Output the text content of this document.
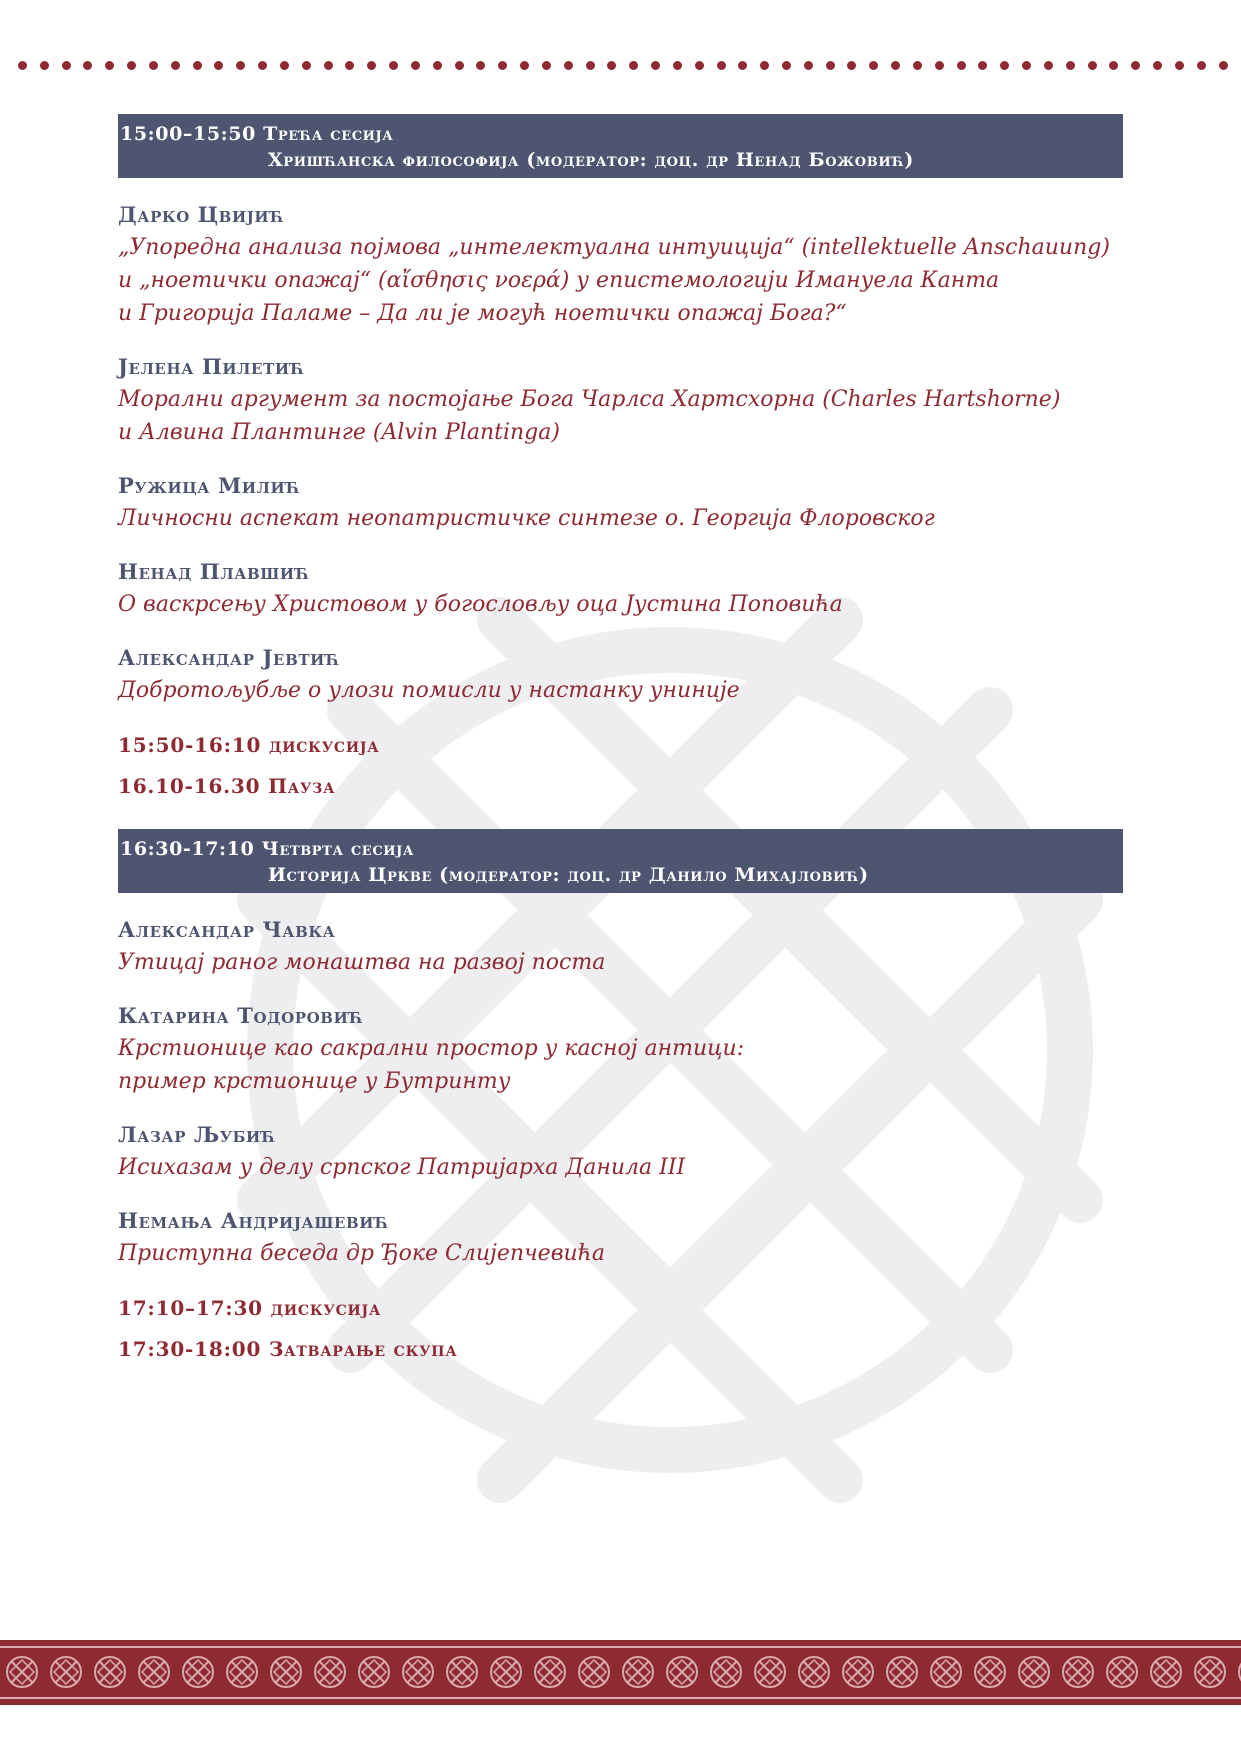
15:00–15:50 Трећа сесија
Хришћанска философија (модератор: доц. др Ненад Божовић)
Дарко Цвијић
„Упоредна анализа појмова „интелектуална интуиција“ (intellektuelle Anschauung)
и „ноетички опажај“ (αἴσθησις νοερά) у епистемологији Имануела Канта
и Григорија Паламе – Да ли је могућ ноетички опажај Бога?“
Јелена Пилетић
Морални аргумент за постојање Бога Чарлса Хартсхорна (Charles Hartshorne)
и Алвина Плантинге (Alvin Plantinga)
Ружица Милић
Личносни аспекат неопатристичке синтезе о. Георгија Флоровског
Ненад Плавшић
О васкрсењу Христовом у богословљу оца Јустина Поповића
Александар Јевтић
Добротољубље о улози помисли у настанку униније
15:50-16:10 дискусија
16.10-16.30 Пауза
16:30-17:10 Четврта сесија
Историја Цркве (модератор: доц. др Данило Михајловић)
Александар Чавка
Утицај раног монаштва на развој поста
Катарина Тодоровић
Крстионице као сакрални простор у касној антици:
пример крстионице у Бутринту
Лазар Љубић
Исихазам у делу српског Патријарха Данила III
Немања Андријашевић
Приступна беседа др Ђоке Слијепчевића
17:10–17:30 дискусија
17:30-18:00 Затварање скупа
